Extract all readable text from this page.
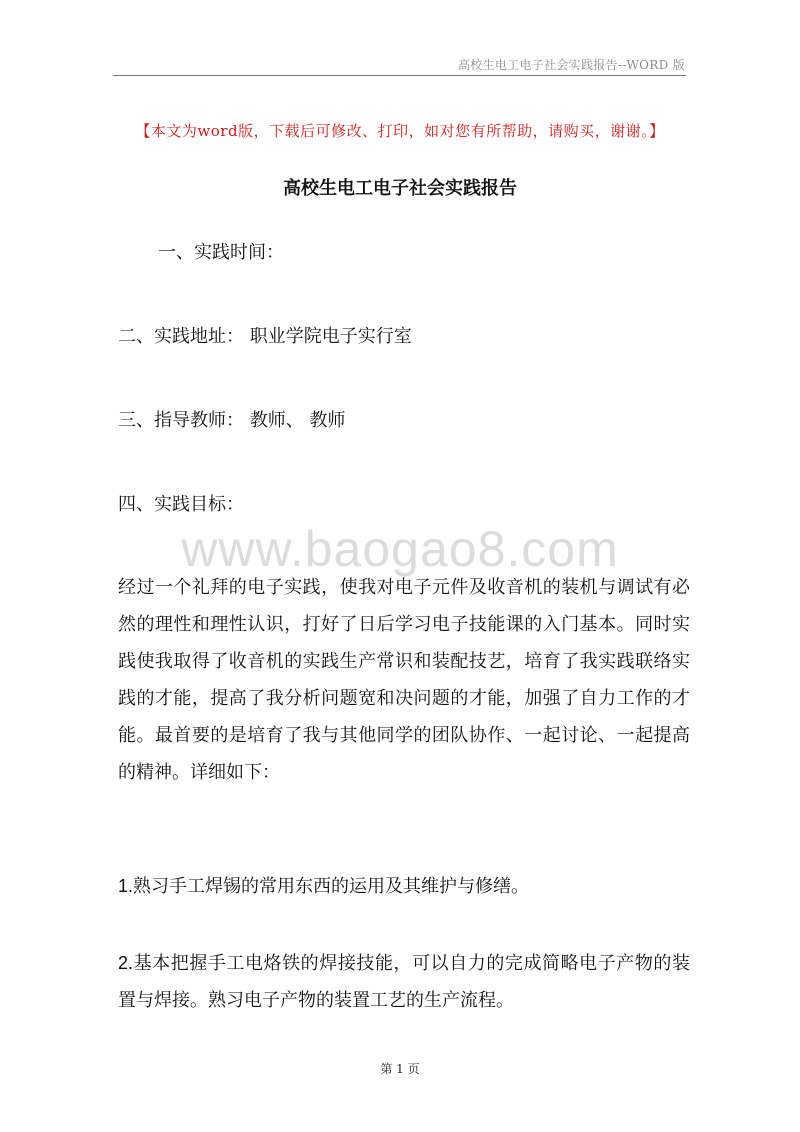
高校生电工电子社会实践报告--WORD 版
【本文为word版，下载后可修改、打印，如对您有所帮助，请购买，谢谢。】
高校生电工电子社会实践报告
一、实践时间：
二、实践地址： 职业学院电子实行室
三、指导教师： 教师、 教师
四、实践目标：
www.baogao8.com
经过一个礼拜的电子实践，使我对电子元件及收音机的装机与调试有必然的理性和理性认识，打好了日后学习电子技能课的入门基本。同时实践使我取得了收音机的实践生产常识和装配技艺，培育了我实践联络实践的才能，提高了我分析问题宽和决问题的才能，加强了自力工作的才能。最首要的是培育了我与其他同学的团队协作、一起讨论、一起提高的精神。详细如下：
1.熟习手工焊锡的常用东西的运用及其维护与修缮。
2.基本把握手工电烙铁的焊接技能，可以自力的完成简略电子产物的装置与焊接。熟习电子产物的装置工艺的生产流程。
第 1 页
